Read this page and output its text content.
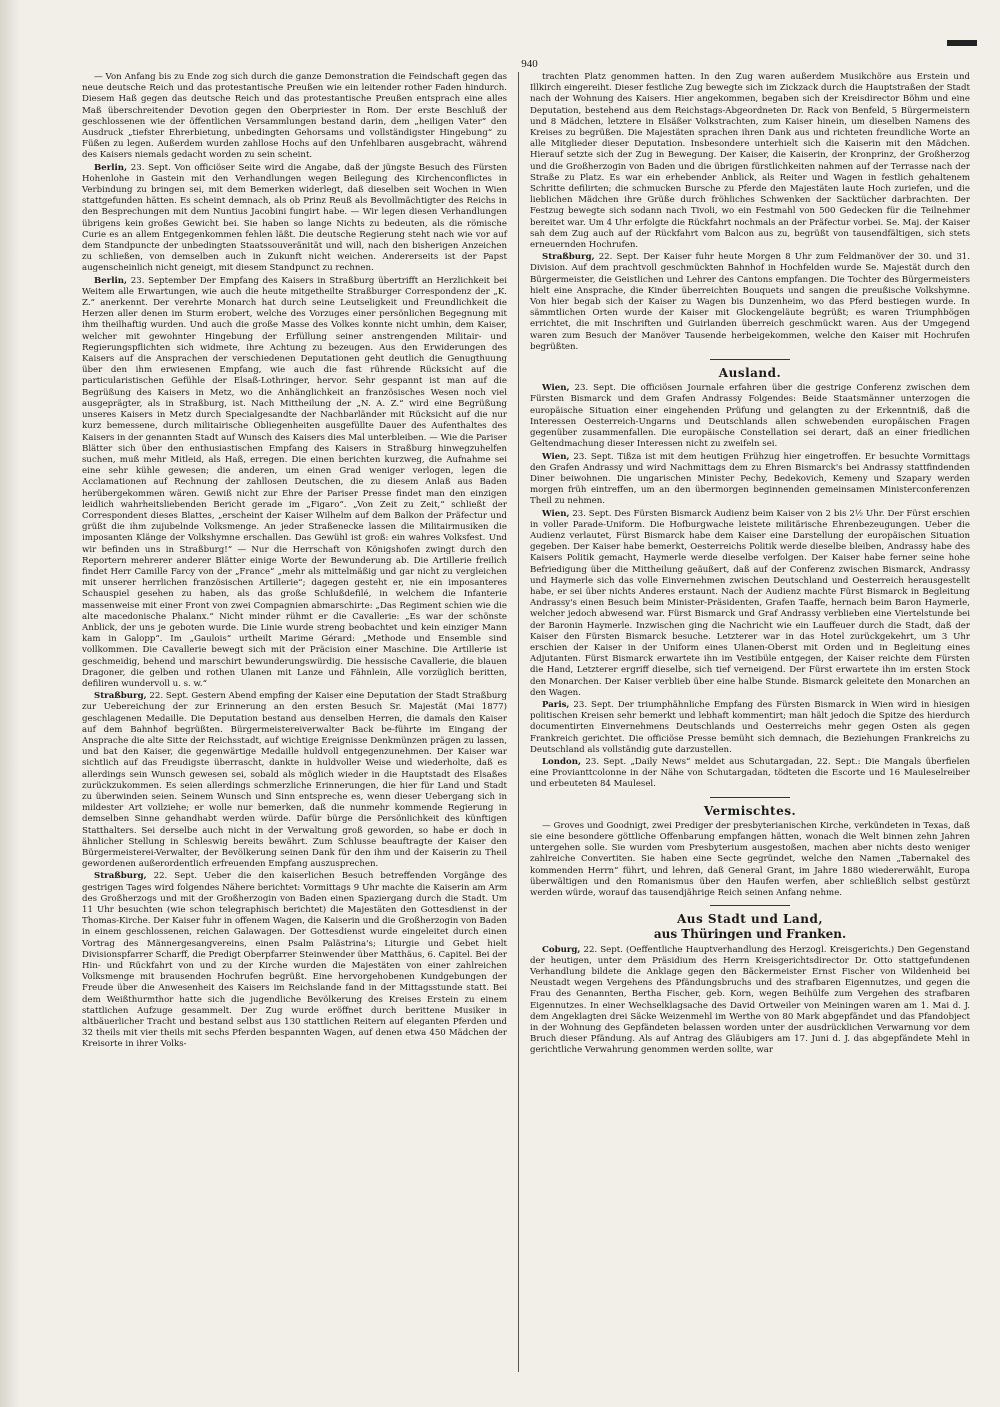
940

— Von Anfang bis zu Ende zog sich durch die ganze Demonstration die Feindschaft gegen das neue deutsche Reich und das protestantische Preußen wie ein leitender rother Faden hindurch. Diesem Haß gegen das deutsche Reich und das protestantische Preußen entsprach eine alles Maß überschreitender Devotion gegen den Oberpriester in Rom. Der erste Beschluß der geschlossenen wie der öffentlichen Versammlungen bestand darin, dem „heiligen Vater“ den Ausdruck „tiefster Ehrerbietung, unbedingten Gehorsams und vollständigster Hingebung“ zu Füßen zu legen. Außerdem wurden zahllose Hochs auf den Unfehlbaren ausgebracht, während des Kaisers niemals gedacht worden zu sein scheint.

Berlin, 23. Sept. Von officiöser Seite wird die Angabe, daß der jüngste Besuch des Fürsten Hohenlohe in Gastein mit den Verhandlungen wegen Beilegung des Kirchenconflictes in Verbindung zu bringen sei, mit dem Bemerken widerlegt, daß dieselben seit Wochen in Wien stattgefunden hätten. Es scheint demnach, als ob Prinz Reuß als Bevollmächtigter des Reichs in den Besprechungen mit dem Nuntius Jacobini fungirt habe. — Wir legen diesen Verhandlungen übrigens kein großes Gewicht bei. Sie haben so lange Nichts zu bedeuten, als die römische Curie es an allem Entgegenkommen fehlen läßt. Die deutsche Regierung steht nach wie vor auf dem Standpuncte der unbedingten Staatssouveränität und will, nach den bisherigen Anzeichen zu schließen, von demselben auch in Zukunft nicht weichen. Andererseits ist der Papst augenscheinlich nicht geneigt, mit diesem Standpunct zu rechnen.

Berlin, 23. September Der Empfang des Kaisers in Straßburg übertrifft an Herzlichkeit bei Weitem alle Erwartungen, wie auch die heute mitgetheilte Straßburger Correspondenz der „K. Z.“ anerkennt. Der verehrte Monarch hat durch seine Leutseligkeit und Freundlichkeit die Herzen aller denen im Sturm erobert, welche des Vorzuges einer persönlichen Begegnung mit ihm theilhaftig wurden. Und auch die große Masse des Volkes konnte nicht umhin, dem Kaiser, welcher mit gewohnter Hingebung der Erfüllung seiner anstrengenden Militair- und Regierungspflichten sich widmete, ihre Achtung zu bezeugen. Aus den Erwiderungen des Kaisers auf die Ansprachen der verschiedenen Deputationen geht deutlich die Genugthuung über den ihm erwiesenen Empfang, wie auch die fast rührende Rücksicht auf die particularistischen Gefühle der Elsaß-Lothringer, hervor. Sehr gespannt ist man auf die Begrüßung des Kaisers in Metz, wo die Anhänglichkeit an französisches Wesen noch viel ausgeprägter, als in Straßburg, ist. Nach Mittheilung der „N. A. Z.“ wird eine Begrüßung unseres Kaisers in Metz durch Specialgesandte der Nachbarländer mit Rücksicht auf die nur kurz bemessene, durch militairische Obliegenheiten ausgefüllte Dauer des Aufenthaltes des Kaisers in der genannten Stadt auf Wunsch des Kaisers dies Mal unterbleiben. — Wie die Pariser Blätter sich über den enthusiastischen Empfang des Kaisers in Straßburg hinwegzuhelfen suchen, muß mehr Mitleid, als Haß, erregen. Die einen berichten kurzweg, die Aufnahme sei eine sehr kühle gewesen; die anderen, um einen Grad weniger verlogen, legen die Acclamationen auf Rechnung der zahllosen Deutschen, die zu diesem Anlaß aus Baden herübergekommen wären. Gewiß nicht zur Ehre der Pariser Presse findet man den einzigen leidlich wahrheitsliebenden Bericht gerade im „Figaro“. „Von Zeit zu Zeit,“ schließt der Correspondent dieses Blattes, „erscheint der Kaiser Wilhelm auf dem Balkon der Präfectur und grüßt die ihm zujubelnde Volksmenge. An jeder Straßenecke lassen die Militairmusiken die imposanten Klänge der Volkshymne erschallen. Das Gewühl ist groß: ein wahres Volksfest. Und wir befinden uns in Straßburg!“ — Nur die Herrschaft von Königshofen zwingt durch den Reportern mehrerer anderer Blätter einige Worte der Bewunderung ab. Die Artillerie freilich findet Herr Camille Farcy von der „France“ „mehr als mittelmäßig und gar nicht zu vergleichen mit unserer herrlichen französischen Artillerie“; dagegen gesteht er, nie ein imposanteres Schauspiel gesehen zu haben, als das große Schlußdefilé, in welchem die Infanterie massenweise mit einer Front von zwei Compagnien abmarschirte: „Das Regiment schien wie die alte macedonische Phalanx.“ Nicht minder rühmt er die Cavallerie: „Es war der schönste Anblick, der uns je geboten wurde. Die Linie wurde streng beobachtet und kein einziger Mann kam in Galopp“. Im „Gaulois“ urtheilt Marime Gérard: „Methode und Ensemble sind vollkommen. Die Cavallerie bewegt sich mit der Präcision einer Maschine. Die Artillerie ist geschmeidig, behend und marschirt bewunderungswürdig. Die hessische Cavallerie, die blauen Dragoner, die gelben und rothen Ulanen mit Lanze und Fähnlein, Alle vorzüglich beritten, defiliren wundervoll u. s. w.“

Straßburg, 22. Sept. Gestern Abend empfing der Kaiser eine Deputation der Stadt Straßburg zur Uebereichung der zur Erinnerung an den ersten Besuch Sr. Majestät (Mai 1877) geschlagenen Medaille. Die Deputation bestand aus denselben Herren, die damals den Kaiser auf dem Bahnhof begrüßten. Bürgermeistereiverwalter Back be-führte im Eingang der Ansprache die alte Sitte der Reichsstadt, auf wichtige Ereignisse Denkmünzen prägen zu lassen, und bat den Kaiser, die gegenwärtige Medaille huldvoll entgegenzunehmen. Der Kaiser war sichtlich auf das Freudigste überrascht, dankte in huldvoller Weise und wiederholte, daß es allerdings sein Wunsch gewesen sei, sobald als möglich wieder in die Hauptstadt des Elsaßes zurückzukommen. Es seien allerdings schmerzliche Erinnerungen, die hier für Land und Stadt zu überwinden seien. Seinem Wunsch und Sinn entspreche es, wenn dieser Uebergang sich in mildester Art vollziehe; er wolle nur bemerken, daß die nunmehr kommende Regierung in demselben Sinne gehandhabt werden würde. Dafür bürge die Persönlichkeit des künftigen Statthalters. Sei derselbe auch nicht in der Verwaltung groß geworden, so habe er doch in ähnlicher Stellung in Schleswig bereits bewährt. Zum Schlusse beauftragte der Kaiser den Bürgermeisterei-Verwalter, der Bevölkerung seinen Dank für den ihm und der Kaiserin zu Theil gewordenen außerordentlich erfreuenden Empfang auszusprechen.

Straßburg, 22. Sept. Ueber die den kaiserlichen Besuch betreffenden Vorgänge des gestrigen Tages wird folgendes Nähere berichtet: Vormittags 9 Uhr machte die Kaiserin am Arm des Großherzogs und mit der Großherzogin von Baden einen Spaziergang durch die Stadt. Um 11 Uhr besuchten (wie schon telegraphisch berichtet) die Majestäten den Gottesdienst in der Thomas-Kirche. Der Kaiser fuhr in offenem Wagen, die Kaiserin und die Großherzogin von Baden in einem geschlossenen, reichen Galawagen. Der Gottesdienst wurde eingeleitet durch einen Vortrag des Männergesangvereins, einen Psalm Palästrina's; Liturgie und Gebet hielt Divisionspfarrer Scharff, die Predigt Oberpfarrer Steinwender über Matthäus, 6. Capitel. Bei der Hin- und Rückfahrt von und zu der Kirche wurden die Majestäten von einer zahlreichen Volksmenge mit brausenden Hochrufen begrüßt. Eine hervorgehobenen Kundgebungen der Freude über die Anwesenheit des Kaisers im Reichslande fand in der Mittagsstunde statt. Bei dem Weißthurmthor hatte sich die jugendliche Bevölkerung des Kreises Erstein zu einem stattlichen Aufzuge gesammelt. Der Zug wurde eröffnet durch berittene Musiker in altbäuerlicher Tracht und bestand selbst aus 130 stattlichen Reitern auf eleganten Pferden und 32 theils mit vier theils mit sechs Pferden bespannten Wagen, auf denen etwa 450 Mädchen der Kreisorte in ihrer Volks-

trachten Platz genommen hatten. In den Zug waren außerdem Musikchöre aus Erstein und Illkirch eingereiht. Dieser festliche Zug bewegte sich im Zickzack durch die Hauptstraßen der Stadt nach der Wohnung des Kaisers. Hier angekommen, begaben sich der Kreisdirector Böhm und eine Deputation, bestehend aus dem Reichstags-Abgeordneten Dr. Rack von Benfeld, 5 Bürgermeistern und 8 Mädchen, letztere in Elsäßer Volkstrachten, zum Kaiser hinein, um dieselben Namens des Kreises zu begrüßen. Die Majestäten sprachen ihren Dank aus und richteten freundliche Worte an alle Mitglieder dieser Deputation. Insbesondere unterhielt sich die Kaiserin mit den Mädchen. Hierauf setzte sich der Zug in Bewegung. Der Kaiser, die Kaiserin, der Kronprinz, der Großherzog und die Großherzogin von Baden und die übrigen fürstlichkeiten nahmen auf der Terrasse nach der Straße zu Platz. Es war ein erhebender Anblick, als Reiter und Wagen in festlich gehaltenem Schritte defilirten; die schmucken Bursche zu Pferde den Majestäten laute Hoch zuriefen, und die lieblichen Mädchen ihre Grüße durch fröhliches Schwenken der Sacktücher darbrachten. Der Festzug bewegte sich sodann nach Tivoli, wo ein Festmahl von 500 Gedecken für die Teilnehmer bereitet war. Um 4 Uhr erfolgte die Rückfahrt nochmals an der Präfectur vorbei. Se. Maj. der Kaiser sah dem Zug auch auf der Rückfahrt vom Balcon aus zu, begrüßt von tausendfältigen, sich stets erneuernden Hochrufen.

Straßburg, 22. Sept. Der Kaiser fuhr heute Morgen 8 Uhr zum Feldmanöver der 30. und 31. Division. Auf dem prachtvoll geschmückten Bahnhof in Hochfelden wurde Se. Majestät durch den Bürgermeister, die Geistlichen und Lehrer des Cantons empfangen. Die Tochter des Bürgermeisters hielt eine Ansprache, die Kinder überreichten Bouquets und sangen die preußische Volkshymne. Von hier begab sich der Kaiser zu Wagen bis Dunzenheim, wo das Pferd bestiegen wurde. In sämmtlichen Orten wurde der Kaiser mit Glockengeläute begrüßt; es waren Triumphbögen errichtet, die mit Inschriften und Guirlanden überreich geschmückt waren. Aus der Umgegend waren zum Besuch der Manöver Tausende herbeigekommen, welche den Kaiser mit Hochrufen begrüßten.

Ausland.

Wien, 23. Sept. Die officiösen Journale erfahren über die gestrige Conferenz zwischen dem Fürsten Bismarck und dem Grafen Andrassy Folgendes: Beide Staatsmänner unterzogen die europäische Situation einer eingehenden Prüfung und gelangten zu der Erkenntniß, daß die Interessen Oesterreich-Ungarns und Deutschlands allen schwebenden europäischen Fragen gegenüber zusammenfallen. Die europäische Constellation sei derart, daß an einer friedlichen Geltendmachung dieser Interessen nicht zu zweifeln sei.

Wien, 23. Sept. Tißza ist mit dem heutigen Frühzug hier eingetroffen. Er besuchte Vormittags den Grafen Andrassy und wird Nachmittags dem zu Ehren Bismarck's bei Andrassy stattfindenden Diner beiwohnen. Die ungarischen Minister Pechy, Bedekovich, Kemeny und Szapary werden morgen früh eintreffen, um an den übermorgen beginnenden gemeinsamen Ministerconferenzen Theil zu nehmen.

Wien, 23. Sept. Des Fürsten Bismarck Audienz beim Kaiser von 2 bis 2½ Uhr. Der Fürst erschien in voller Parade-Uniform. Die Hofburgwache leistete militärische Ehrenbezeugungen. Ueber die Audienz verlautet, Fürst Bismarck habe dem Kaiser eine Darstellung der europäischen Situation gegeben. Der Kaiser habe bemerkt, Oesterreichs Politik werde dieselbe bleiben, Andrassy habe des Kaisers Politik gemacht, Haymerle werde dieselbe verfolgen. Der Kaiser habe ferner seine hohe Befriedigung über die Mittheilung geäußert, daß auf der Conferenz zwischen Bismarck, Andrassy und Haymerle sich das volle Einvernehmen zwischen Deutschland und Oesterreich herausgestellt habe, er sei über nichts Anderes erstaunt. Nach der Audienz machte Fürst Bismarck in Begleitung Andrassy's einen Besuch beim Minister-Präsidenten, Grafen Taaffe, hernach beim Baron Haymerle, welcher jedoch abwesend war. Fürst Bismarck und Graf Andrassy verblieben eine Viertelstunde bei der Baronin Haymerle. Inzwischen ging die Nachricht wie ein Lauffeuer durch die Stadt, daß der Kaiser den Fürsten Bismarck besuche. Letzterer war in das Hotel zurückgekehrt, um 3 Uhr erschien der Kaiser in der Uniform eines Ulanen-Oberst mit Orden und in Begleitung eines Adjutanten. Fürst Bismarck erwartete ihn im Vestibüle entgegen, der Kaiser reichte dem Fürsten die Hand, Letzterer ergriff dieselbe, sich tief verneigend. Der Fürst erwartete ihn im ersten Stock den Monarchen. Der Kaiser verblieb über eine halbe Stunde. Bismarck geleitete den Monarchen an den Wagen.

Paris, 23. Sept. Der triumphähnliche Empfang des Fürsten Bismarck in Wien wird in hiesigen politischen Kreisen sehr bemerkt und lebhaft kommentirt; man hält jedoch die Spitze des hierdurch documentirten Einvernehmens Deutschlands und Oesterreichs mehr gegen Osten als gegen Frankreich gerichtet. Die officiöse Presse bemüht sich demnach, die Beziehungen Frankreichs zu Deutschland als vollständig gute darzustellen.

London, 23. Sept. „Daily News“ meldet aus Schutargadan, 22. Sept.: Die Mangals überfielen eine Provianttcolonne in der Nähe von Schutargadan, tödteten die Escorte und 16 Mauleselreiber und erbeuteten 84 Maulesel.

Vermischtes.

— Groves und Goodnigt, zwei Prediger der presbyterianischen Kirche, verkündeten in Texas, daß sie eine besondere göttliche Offenbarung empfangen hätten, wonach die Welt binnen zehn Jahren untergehen solle. Sie wurden vom Presbyterium ausgestoßen, machen aber nichts desto weniger zahlreiche Convertiten. Sie haben eine Secte gegründet, welche den Namen „Tabernakel des kommenden Herrn“ führt, und lehren, daß General Grant, im Jahre 1880 wiedererwählt, Europa überwältigen und den Romanismus über den Haufen werfen, aber schließlich selbst gestürzt werden würde, worauf das tausendjährige Reich seinen Anfang nehme.

Aus Stadt und Land,
aus Thüringen und Franken.

Coburg, 22. Sept. (Oeffentliche Hauptverhandlung des Herzogl. Kreisgerichts.) Den Gegenstand der heutigen, unter dem Präsidium des Herrn Kreisgerichtsdirector Dr. Otto stattgefundenen Verhandlung bildete die Anklage gegen den Bäckermeister Ernst Fischer von Wildenheid bei Neustadt wegen Vergehens des Pfändungsbruchs und des strafbaren Eigennutzes, und gegen die Frau des Genannten, Bertha Fischer, geb. Korn, wegen Beihülfe zum Vergehen des strafbaren Eigennutzes. In einer Wechselklagsache des David Ortweiler von Meiningen waren am 1. Mai d. J. dem Angeklagten drei Säcke Weizenmehl im Werthe von 80 Mark abgepfändet und das Pfandobject in der Wohnung des Gepfändeten belassen worden unter der ausdrücklichen Verwarnung vor dem Bruch dieser Pfändung. Als auf Antrag des Gläubigers am 17. Juni d. J. das abgepfändete Mehl in gerichtliche Verwahrung genommen werden sollte, war
